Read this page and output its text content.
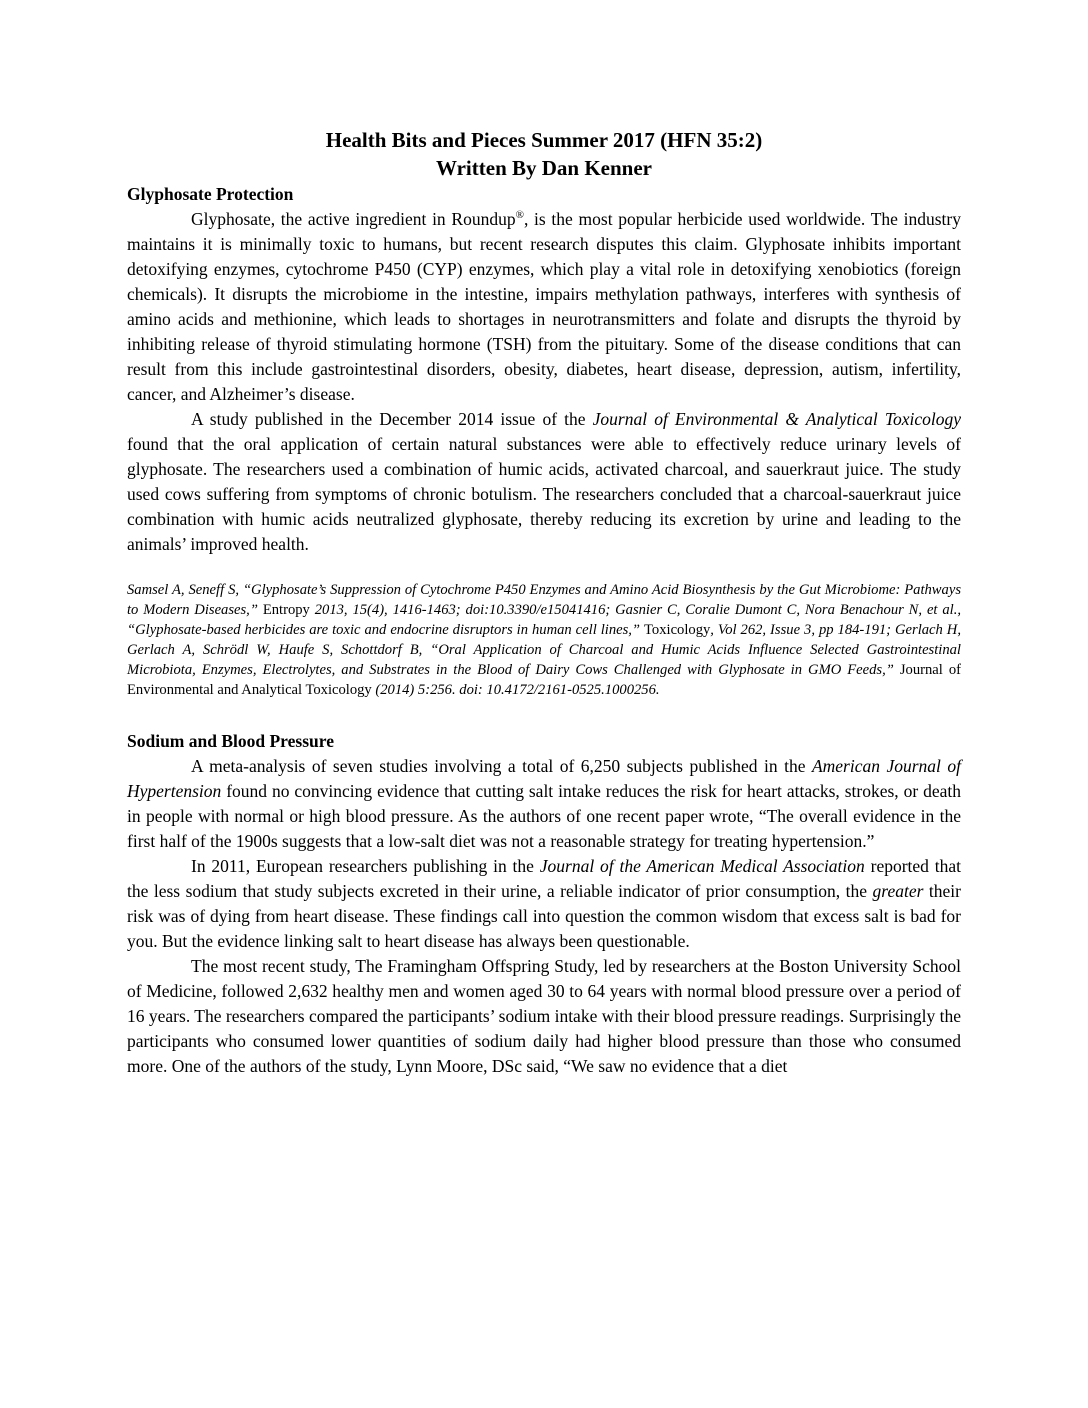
Health Bits and Pieces Summer 2017 (HFN 35:2)
Written By Dan Kenner
Glyphosate Protection

Glyphosate, the active ingredient in Roundup®, is the most popular herbicide used worldwide. The industry maintains it is minimally toxic to humans, but recent research disputes this claim. Glyphosate inhibits important detoxifying enzymes, cytochrome P450 (CYP) enzymes, which play a vital role in detoxifying xenobiotics (foreign chemicals). It disrupts the microbiome in the intestine, impairs methylation pathways, interferes with synthesis of amino acids and methionine, which leads to shortages in neurotransmitters and folate and disrupts the thyroid by inhibiting release of thyroid stimulating hormone (TSH) from the pituitary. Some of the disease conditions that can result from this include gastrointestinal disorders, obesity, diabetes, heart disease, depression, autism, infertility, cancer, and Alzheimer’s disease.

A study published in the December 2014 issue of the Journal of Environmental & Analytical Toxicology found that the oral application of certain natural substances were able to effectively reduce urinary levels of glyphosate. The researchers used a combination of humic acids, activated charcoal, and sauerkraut juice. The study used cows suffering from symptoms of chronic botulism. The researchers concluded that a charcoal-sauerkraut juice combination with humic acids neutralized glyphosate, thereby reducing its excretion by urine and leading to the animals’ improved health.

Samsel A, Seneff S, “Glyphosate’s Suppression of Cytochrome P450 Enzymes and Amino Acid Biosynthesis by the Gut Microbiome: Pathways to Modern Diseases,” Entropy 2013, 15(4), 1416-1463; doi:10.3390/e15041416; Gasnier C, Coralie Dumont C, Nora Benachour N, et al., “Glyphosate-based herbicides are toxic and endocrine disruptors in human cell lines,” Toxicology, Vol 262, Issue 3, pp 184-191; Gerlach H, Gerlach A, Schrödl W, Haufe S, Schottdorf B, “Oral Application of Charcoal and Humic Acids Influence Selected Gastrointestinal Microbiota, Enzymes, Electrolytes, and Substrates in the Blood of Dairy Cows Challenged with Glyphosate in GMO Feeds,” Journal of Environmental and Analytical Toxicology (2014) 5:256. doi: 10.4172/2161-0525.1000256.

Sodium and Blood Pressure

A meta-analysis of seven studies involving a total of 6,250 subjects published in the American Journal of Hypertension found no convincing evidence that cutting salt intake reduces the risk for heart attacks, strokes, or death in people with normal or high blood pressure. As the authors of one recent paper wrote, “The overall evidence in the first half of the 1900s suggests that a low-salt diet was not a reasonable strategy for treating hypertension.”

In 2011, European researchers publishing in the Journal of the American Medical Association reported that the less sodium that study subjects excreted in their urine, a reliable indicator of prior consumption, the greater their risk was of dying from heart disease. These findings call into question the common wisdom that excess salt is bad for you. But the evidence linking salt to heart disease has always been questionable.

The most recent study, The Framingham Offspring Study, led by researchers at the Boston University School of Medicine, followed 2,632 healthy men and women aged 30 to 64 years with normal blood pressure over a period of 16 years. The researchers compared the participants’ sodium intake with their blood pressure readings. Surprisingly the participants who consumed lower quantities of sodium daily had higher blood pressure than those who consumed more. One of the authors of the study, Lynn Moore, DSc said, “We saw no evidence that a diet
